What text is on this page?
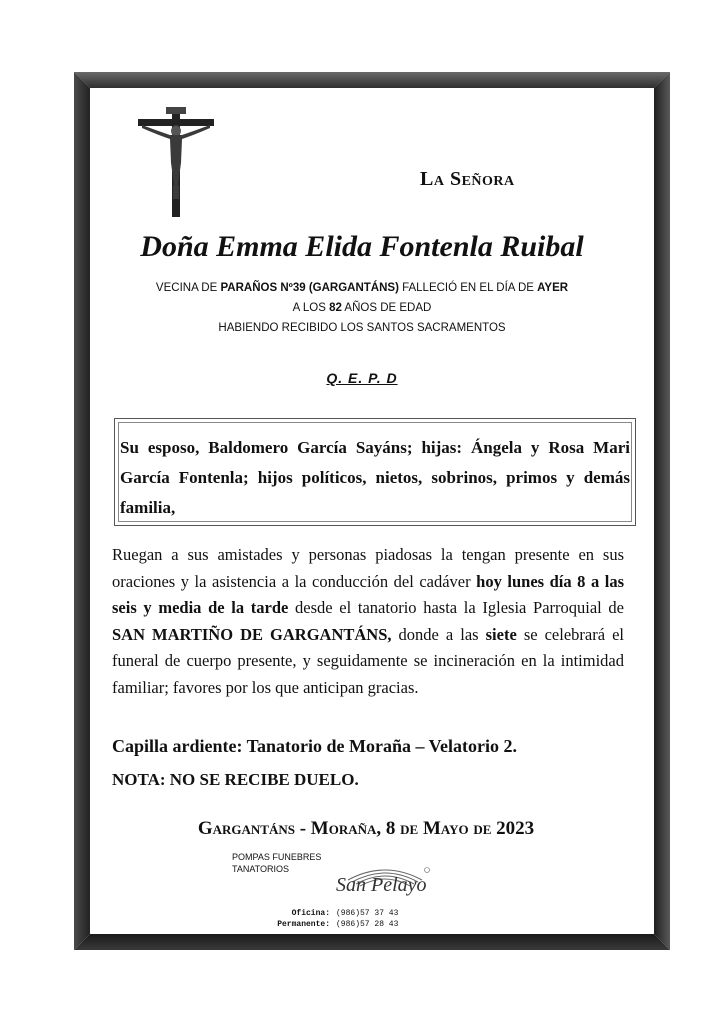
La Señora
Doña Emma Elida Fontenla Ruibal
VECINA DE PARAÑOS Nº39 (GARGANTÁNS) FALLECIÓ EN EL DÍA DE AYER
A LOS 82 AÑOS DE EDAD
HABIENDO RECIBIDO LOS SANTOS SACRAMENTOS
Q. E. P. D
Su esposo, Baldomero García Sayáns; hijas: Ángela y Rosa Mari García Fontenla; hijos políticos, nietos, sobrinos, primos y demás familia,
Ruegan a sus amistades y personas piadosas la tengan presente en sus oraciones y la asistencia a la conducción del cadáver hoy lunes día 8 a las seis y media de la tarde desde el tanatorio hasta la Iglesia Parroquial de SAN MARTIÑO DE GARGANTÁNS, donde a las siete se celebrará el funeral de cuerpo presente, y seguidamente se incineración en la intimidad familiar; favores por los que anticipan gracias.
Capilla ardiente: Tanatorio de Moraña – Velatorio 2.
NOTA: NO SE RECIBE DUELO.
Gargantáns - Moraña, 8 de Mayo de 2023
POMPAS FUNEBRES
TANATORIOS
San Pelayo
Oficina: (986)57 37 43
Permanente: (986)57 28 43
